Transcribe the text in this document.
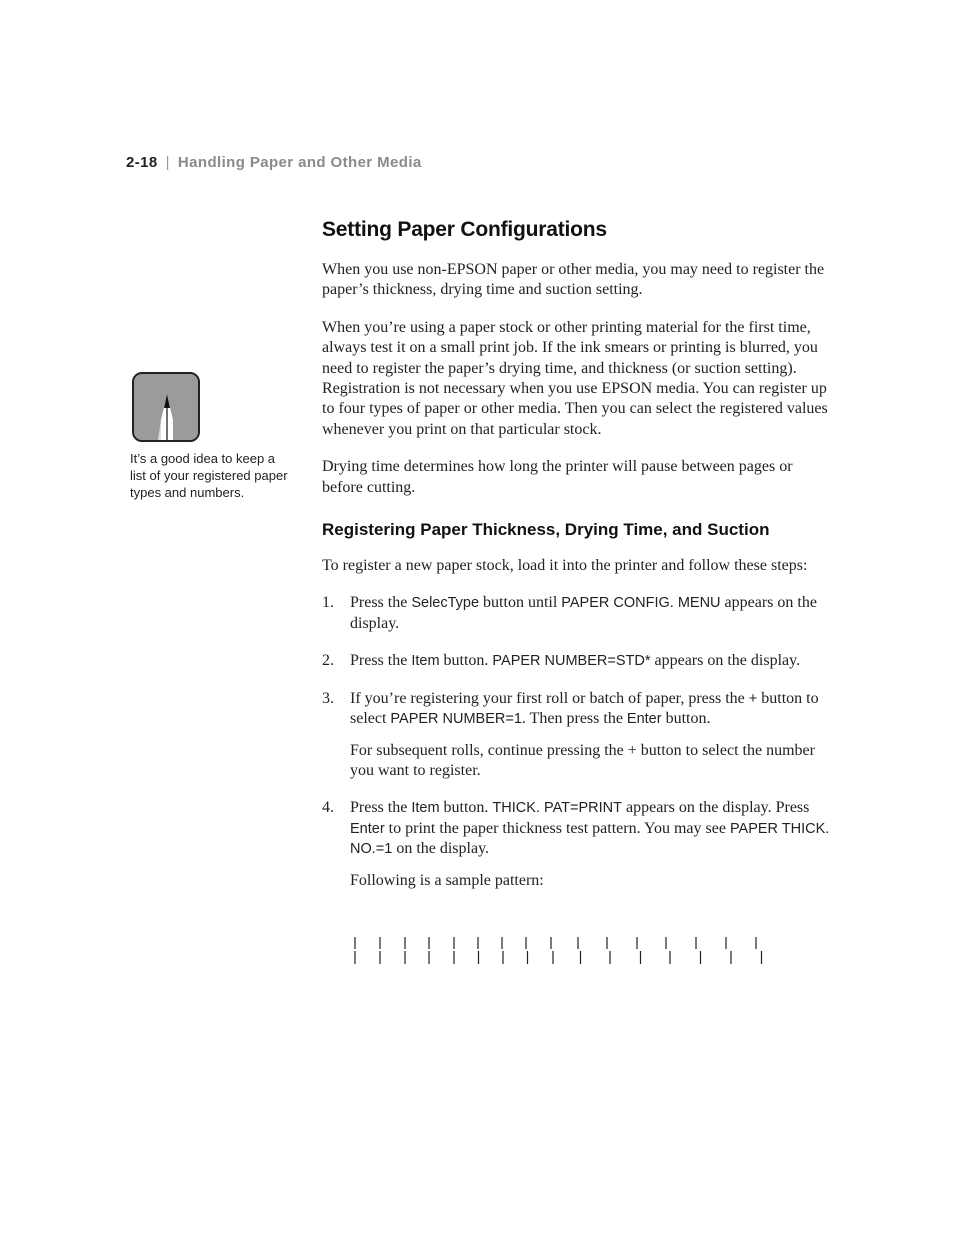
2-18 | Handling Paper and Other Media
It’s a good idea to keep a list of your registered paper types and numbers.
Setting Paper Configurations

When you use non-EPSON paper or other media, you may need to register the paper’s thickness, drying time and suction setting.

When you’re using a paper stock or other printing material for the first time, always test it on a small print job. If the ink smears or printing is blurred, you need to register the paper’s drying time, and thickness (or suction setting). Registration is not necessary when you use EPSON media. You can register up to four types of paper or other media. Then you can select the registered values whenever you print on that particular stock.

Drying time determines how long the printer will pause between pages or before cutting.

Registering Paper Thickness, Drying Time, and Suction

To register a new paper stock, load it into the printer and follow these steps:

1. Press the SelecType button until PAPER CONFIG. MENU appears on the display.

2. Press the Item button. PAPER NUMBER=STD* appears on the display.

3. If you’re registering your first roll or batch of paper, press the + button to select PAPER NUMBER=1. Then press the Enter button.

For subsequent rolls, continue pressing the + button to select the number you want to register.

4. Press the Item button. THICK. PAT=PRINT appears on the display. Press Enter to print the paper thickness test pattern. You may see PAPER THICK. NO.=1 on the display.

Following is a sample pattern:
